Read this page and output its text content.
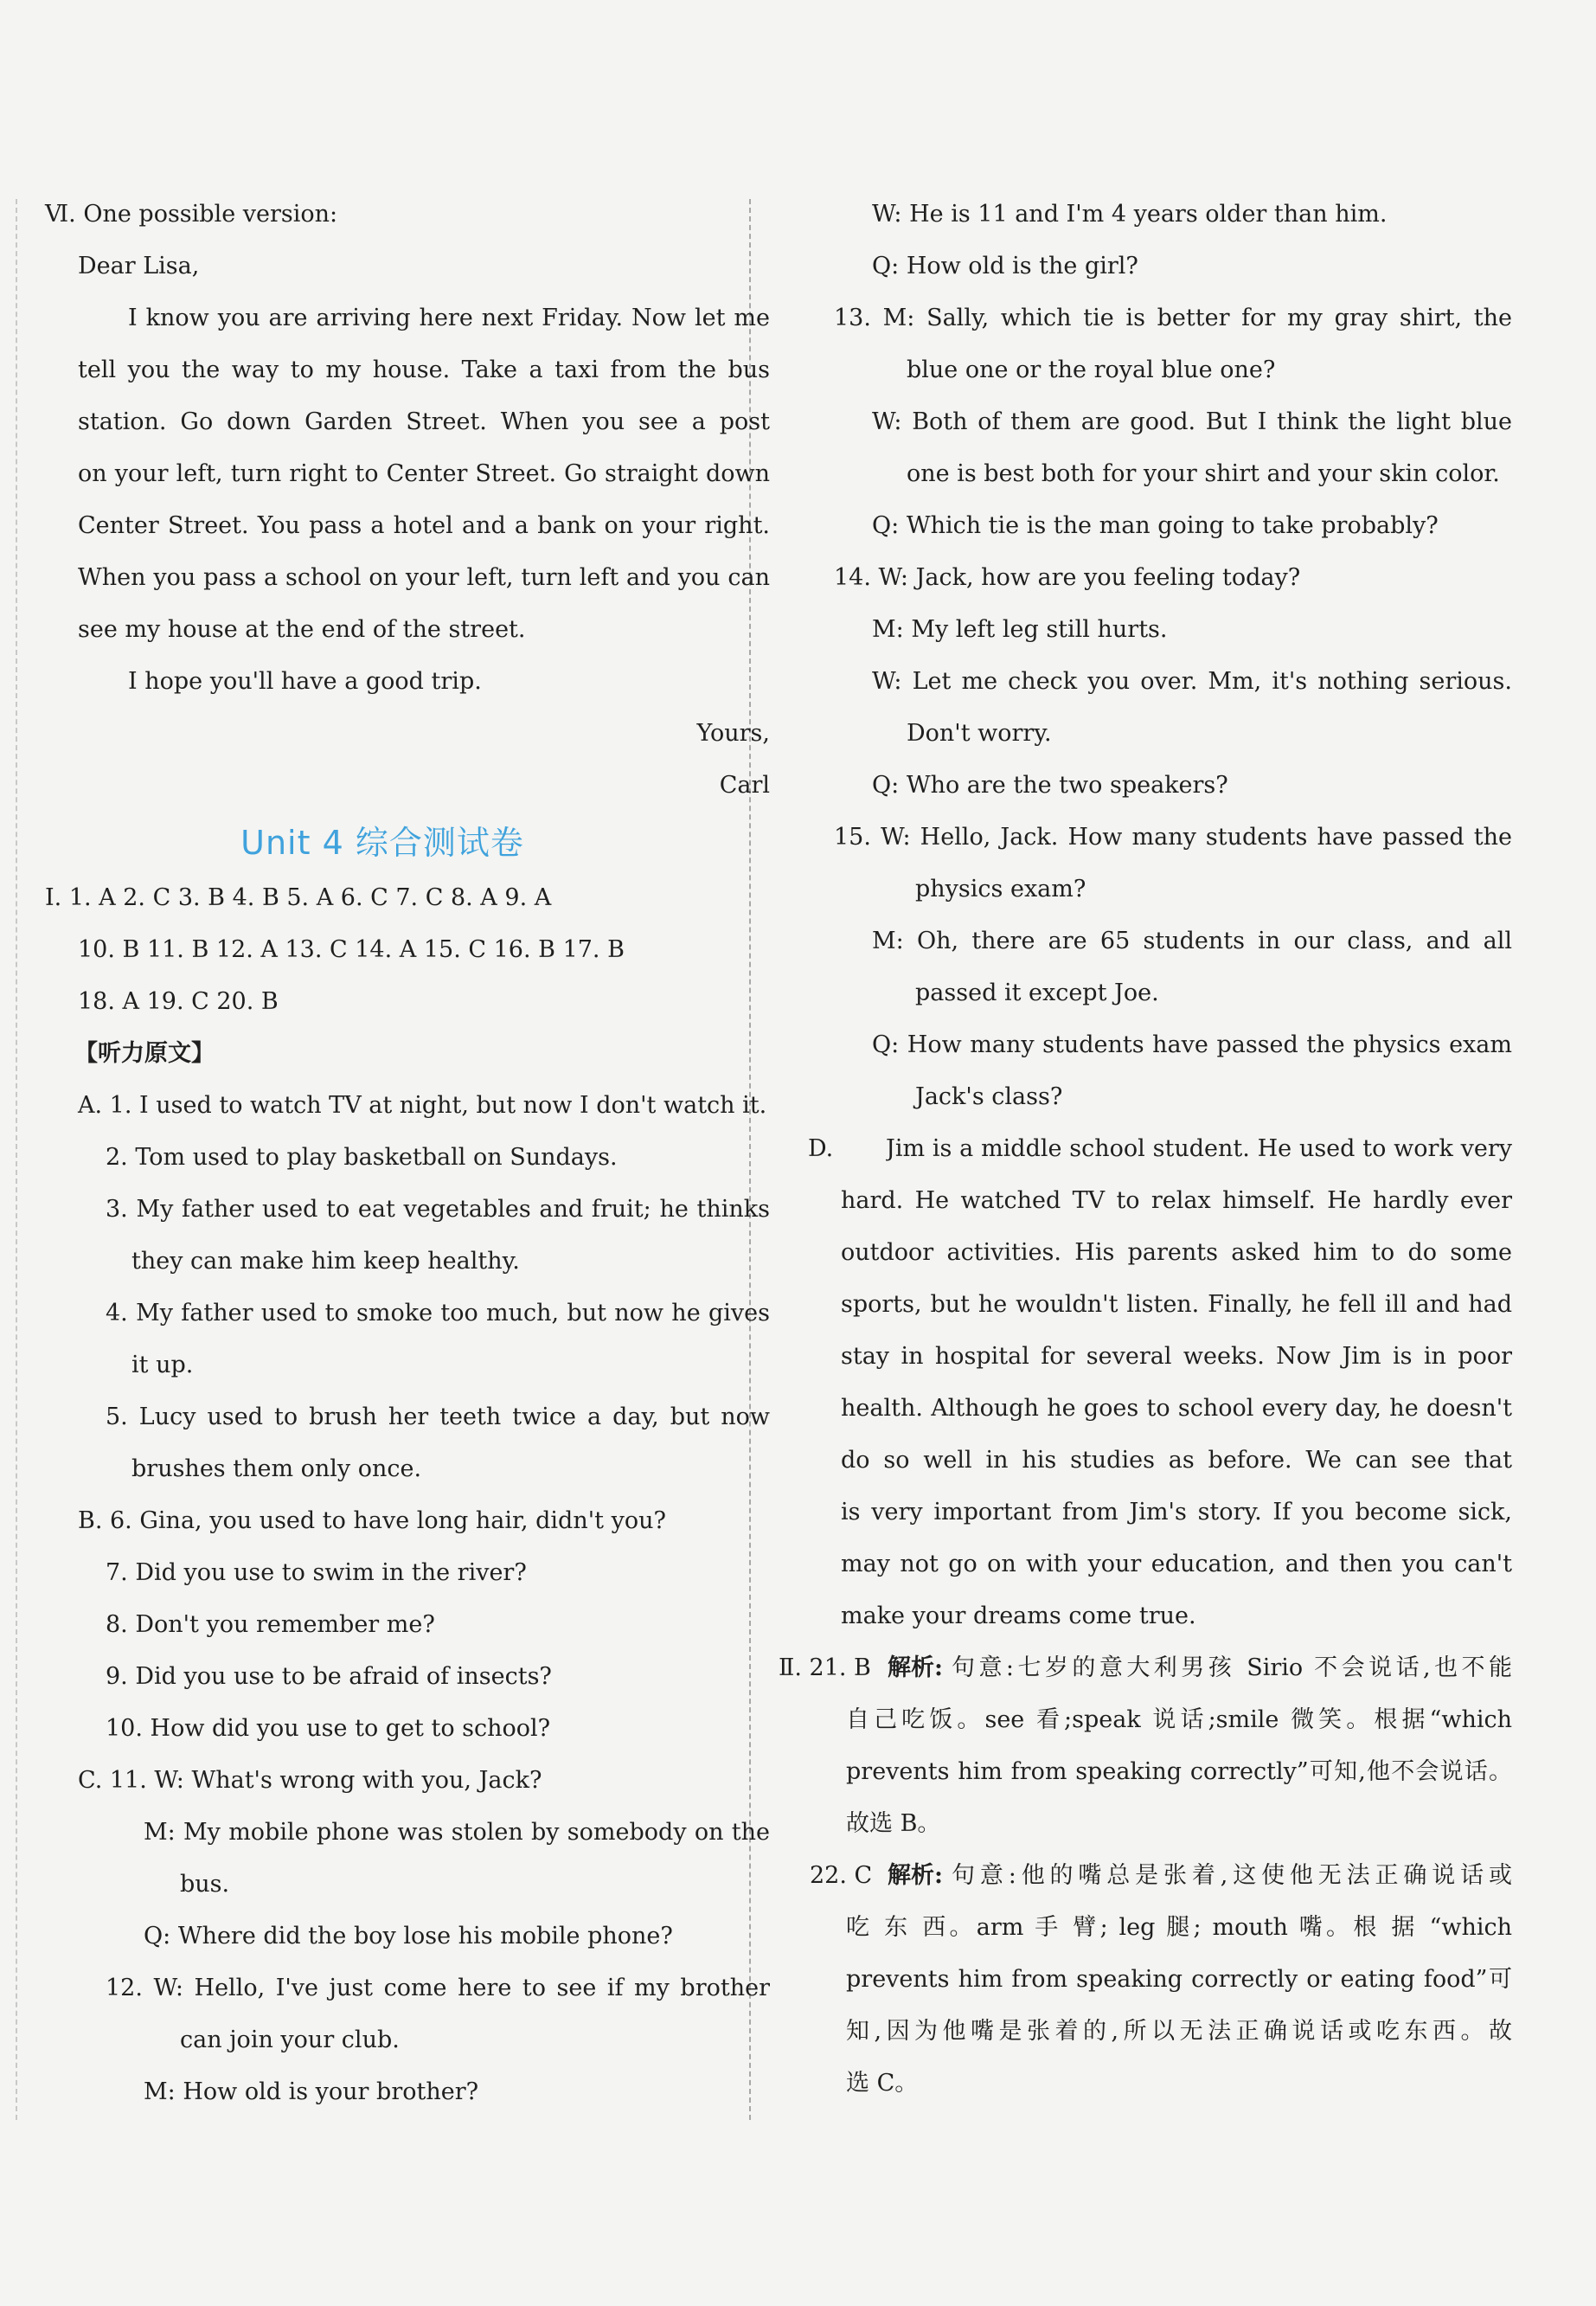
Ⅵ. One possible version:
Dear Lisa,
I know you are arriving here next Friday. Now let me
tell you the way to my house. Take a taxi from the bus
station. Go down Garden Street. When you see a post
on your left, turn right to Center Street. Go straight down
Center Street. You pass a hotel and a bank on your right.
When you pass a school on your left, turn left and you can
see my house at the end of the street.
I hope you'll have a good trip.
Yours,
Carl
Unit 4 综合测试卷
Ⅰ. 1. A 2. C 3. B 4. B 5. A 6. C 7. C 8. A 9. A
10. B 11. B 12. A 13. C 14. A 15. C 16. B 17. B
18. A 19. C 20. B
【听力原文】
A. 1. I used to watch TV at night, but now I don't watch it.
2. Tom used to play basketball on Sundays.
3. My father used to eat vegetables and fruit; he thinks
they can make him keep healthy.
4. My father used to smoke too much, but now he gives
it up.
5. Lucy used to brush her teeth twice a day, but now
brushes them only once.
B. 6. Gina, you used to have long hair, didn't you?
7. Did you use to swim in the river?
8. Don't you remember me?
9. Did you use to be afraid of insects?
10. How did you use to get to school?
C. 11. W: What's wrong with you, Jack?
M: My mobile phone was stolen by somebody on the
bus.
Q: Where did the boy lose his mobile phone?
12. W: Hello, I've just come here to see if my brother
can join your club.
M: How old is your brother?
W: He is 11 and I'm 4 years older than him.
Q: How old is the girl?
13. M: Sally, which tie is better for my gray shirt, the
blue one or the royal blue one?
W: Both of them are good. But I think the light blue
one is best both for your shirt and your skin color.
Q: Which tie is the man going to take probably?
14. W: Jack, how are you feeling today?
M: My left leg still hurts.
W: Let me check you over. Mm, it's nothing serious.
Don't worry.
Q: Who are the two speakers?
15. W: Hello, Jack. How many students have passed the
physics exam?
M: Oh, there are 65 students in our class, and all
passed it except Joe.
Q: How many students have passed the physics exam
Jack's class?
D. Jim is a middle school student. He used to work very
hard. He watched TV to relax himself. He hardly ever
outdoor activities. His parents asked him to do some
sports, but he wouldn't listen. Finally, he fell ill and had
stay in hospital for several weeks. Now Jim is in poor
health. Although he goes to school every day, he doesn't
do so well in his studies as before. We can see that
is very important from Jim's story. If you become sick,
may not go on with your education, and then you can't
make your dreams come true.
Ⅱ. 21. B 解析: 句意:七岁的意大利男孩 Sirio 不会说话,也不能
自己吃饭。see 看;speak 说话;smile 微笑。根据“which
prevents him from speaking correctly”可知,他不会说话。
故选 B。
22. C 解析: 句意:他的嘴总是张着,这使他无法正确说话或
吃 东 西。arm 手 臂; leg 腿; mouth 嘴。根 据 “which
prevents him from speaking correctly or eating food”可
知,因为他嘴是张着的,所以无法正确说话或吃东西。故
选 C。
